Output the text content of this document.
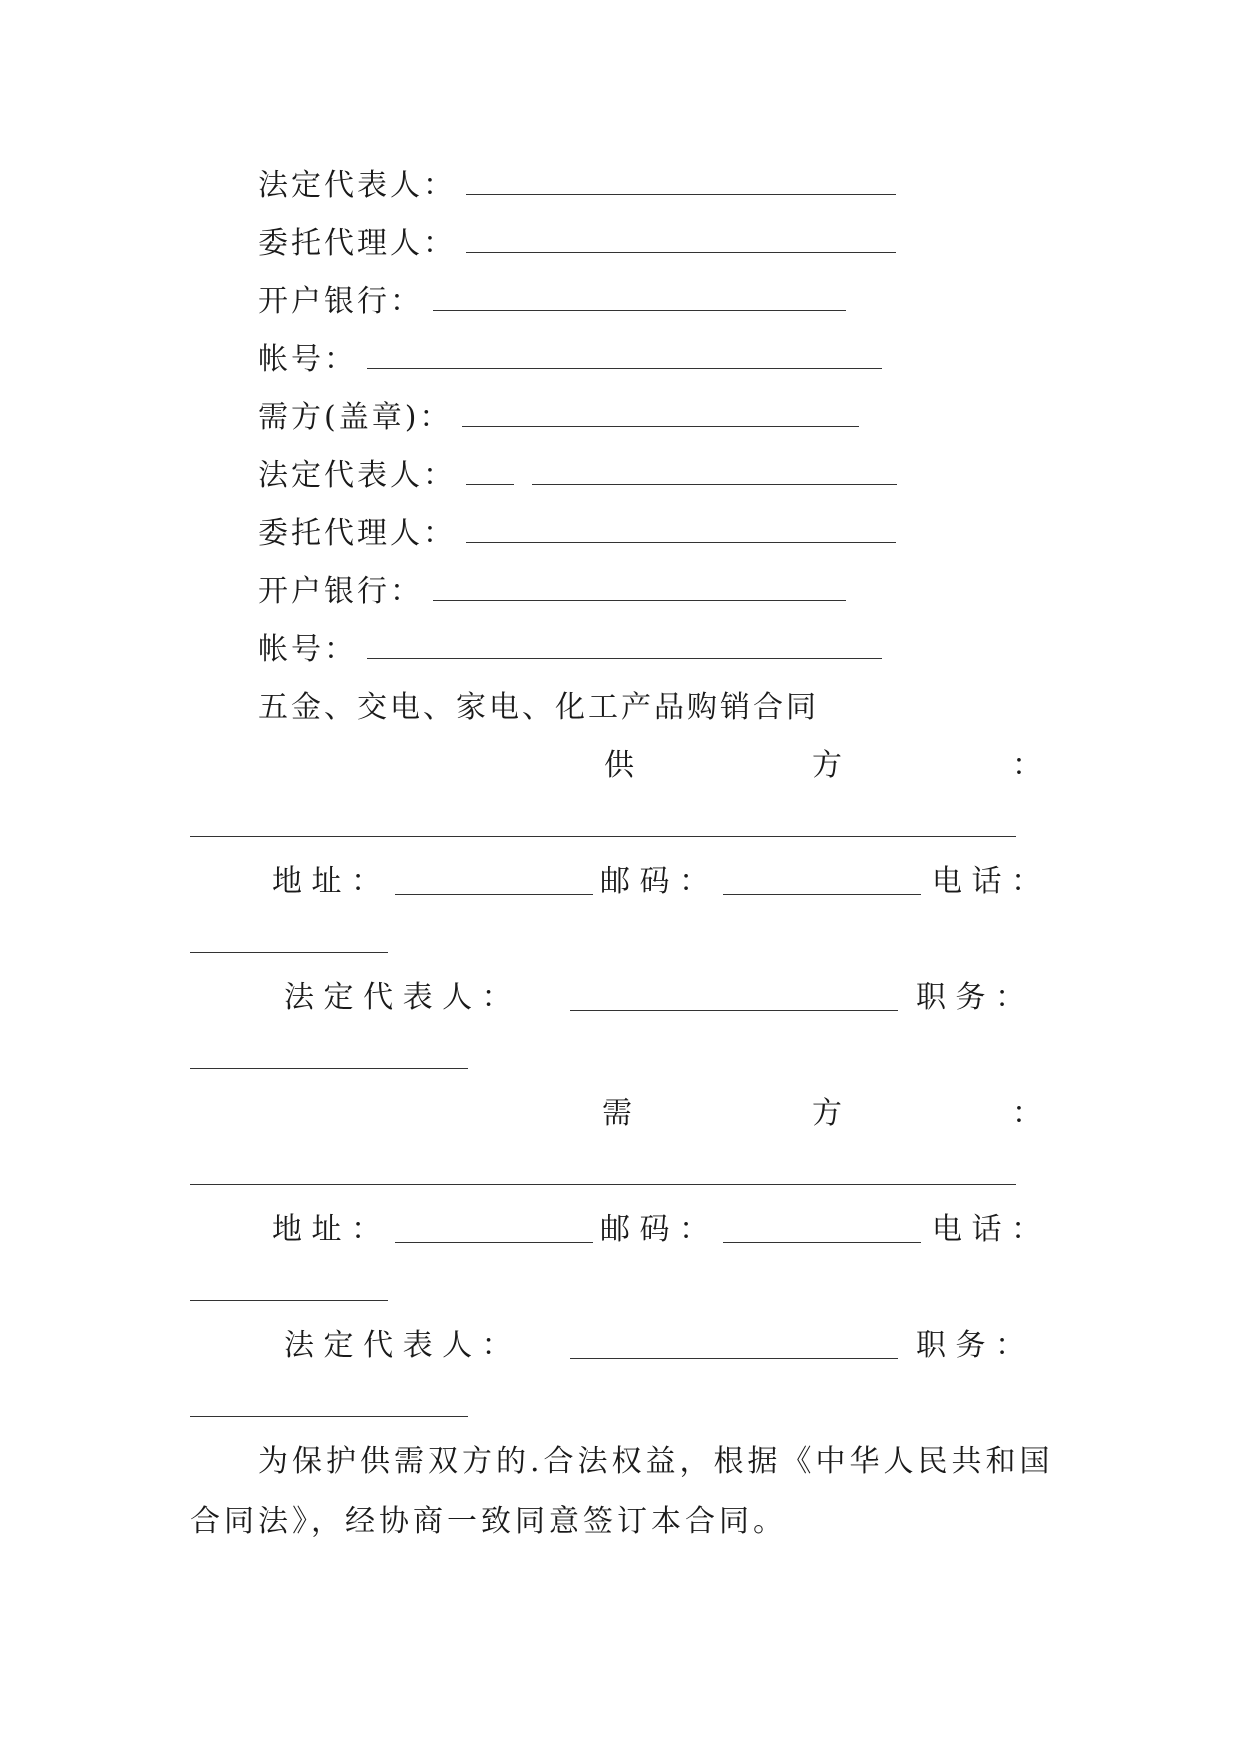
法定代表人：
委托代理人：
开户银行：
帐号：
需方(盖章)：
法定代表人：
委托代理人：
开户银行：
帐号：
五金、交电、家电、化工产品购销合同
供	方	：
地 址 ：	邮 码 ：	电 话 ：
法 定 代 表 人 ：	职 务 ：
需	方	：
地 址 ：	邮 码 ：	电 话 ：
法 定 代 表 人 ：	职 务 ：
为保护供需双方的.合法权益，根据《中华人民共和国
合同法》，经协商一致同意签订本合同。
